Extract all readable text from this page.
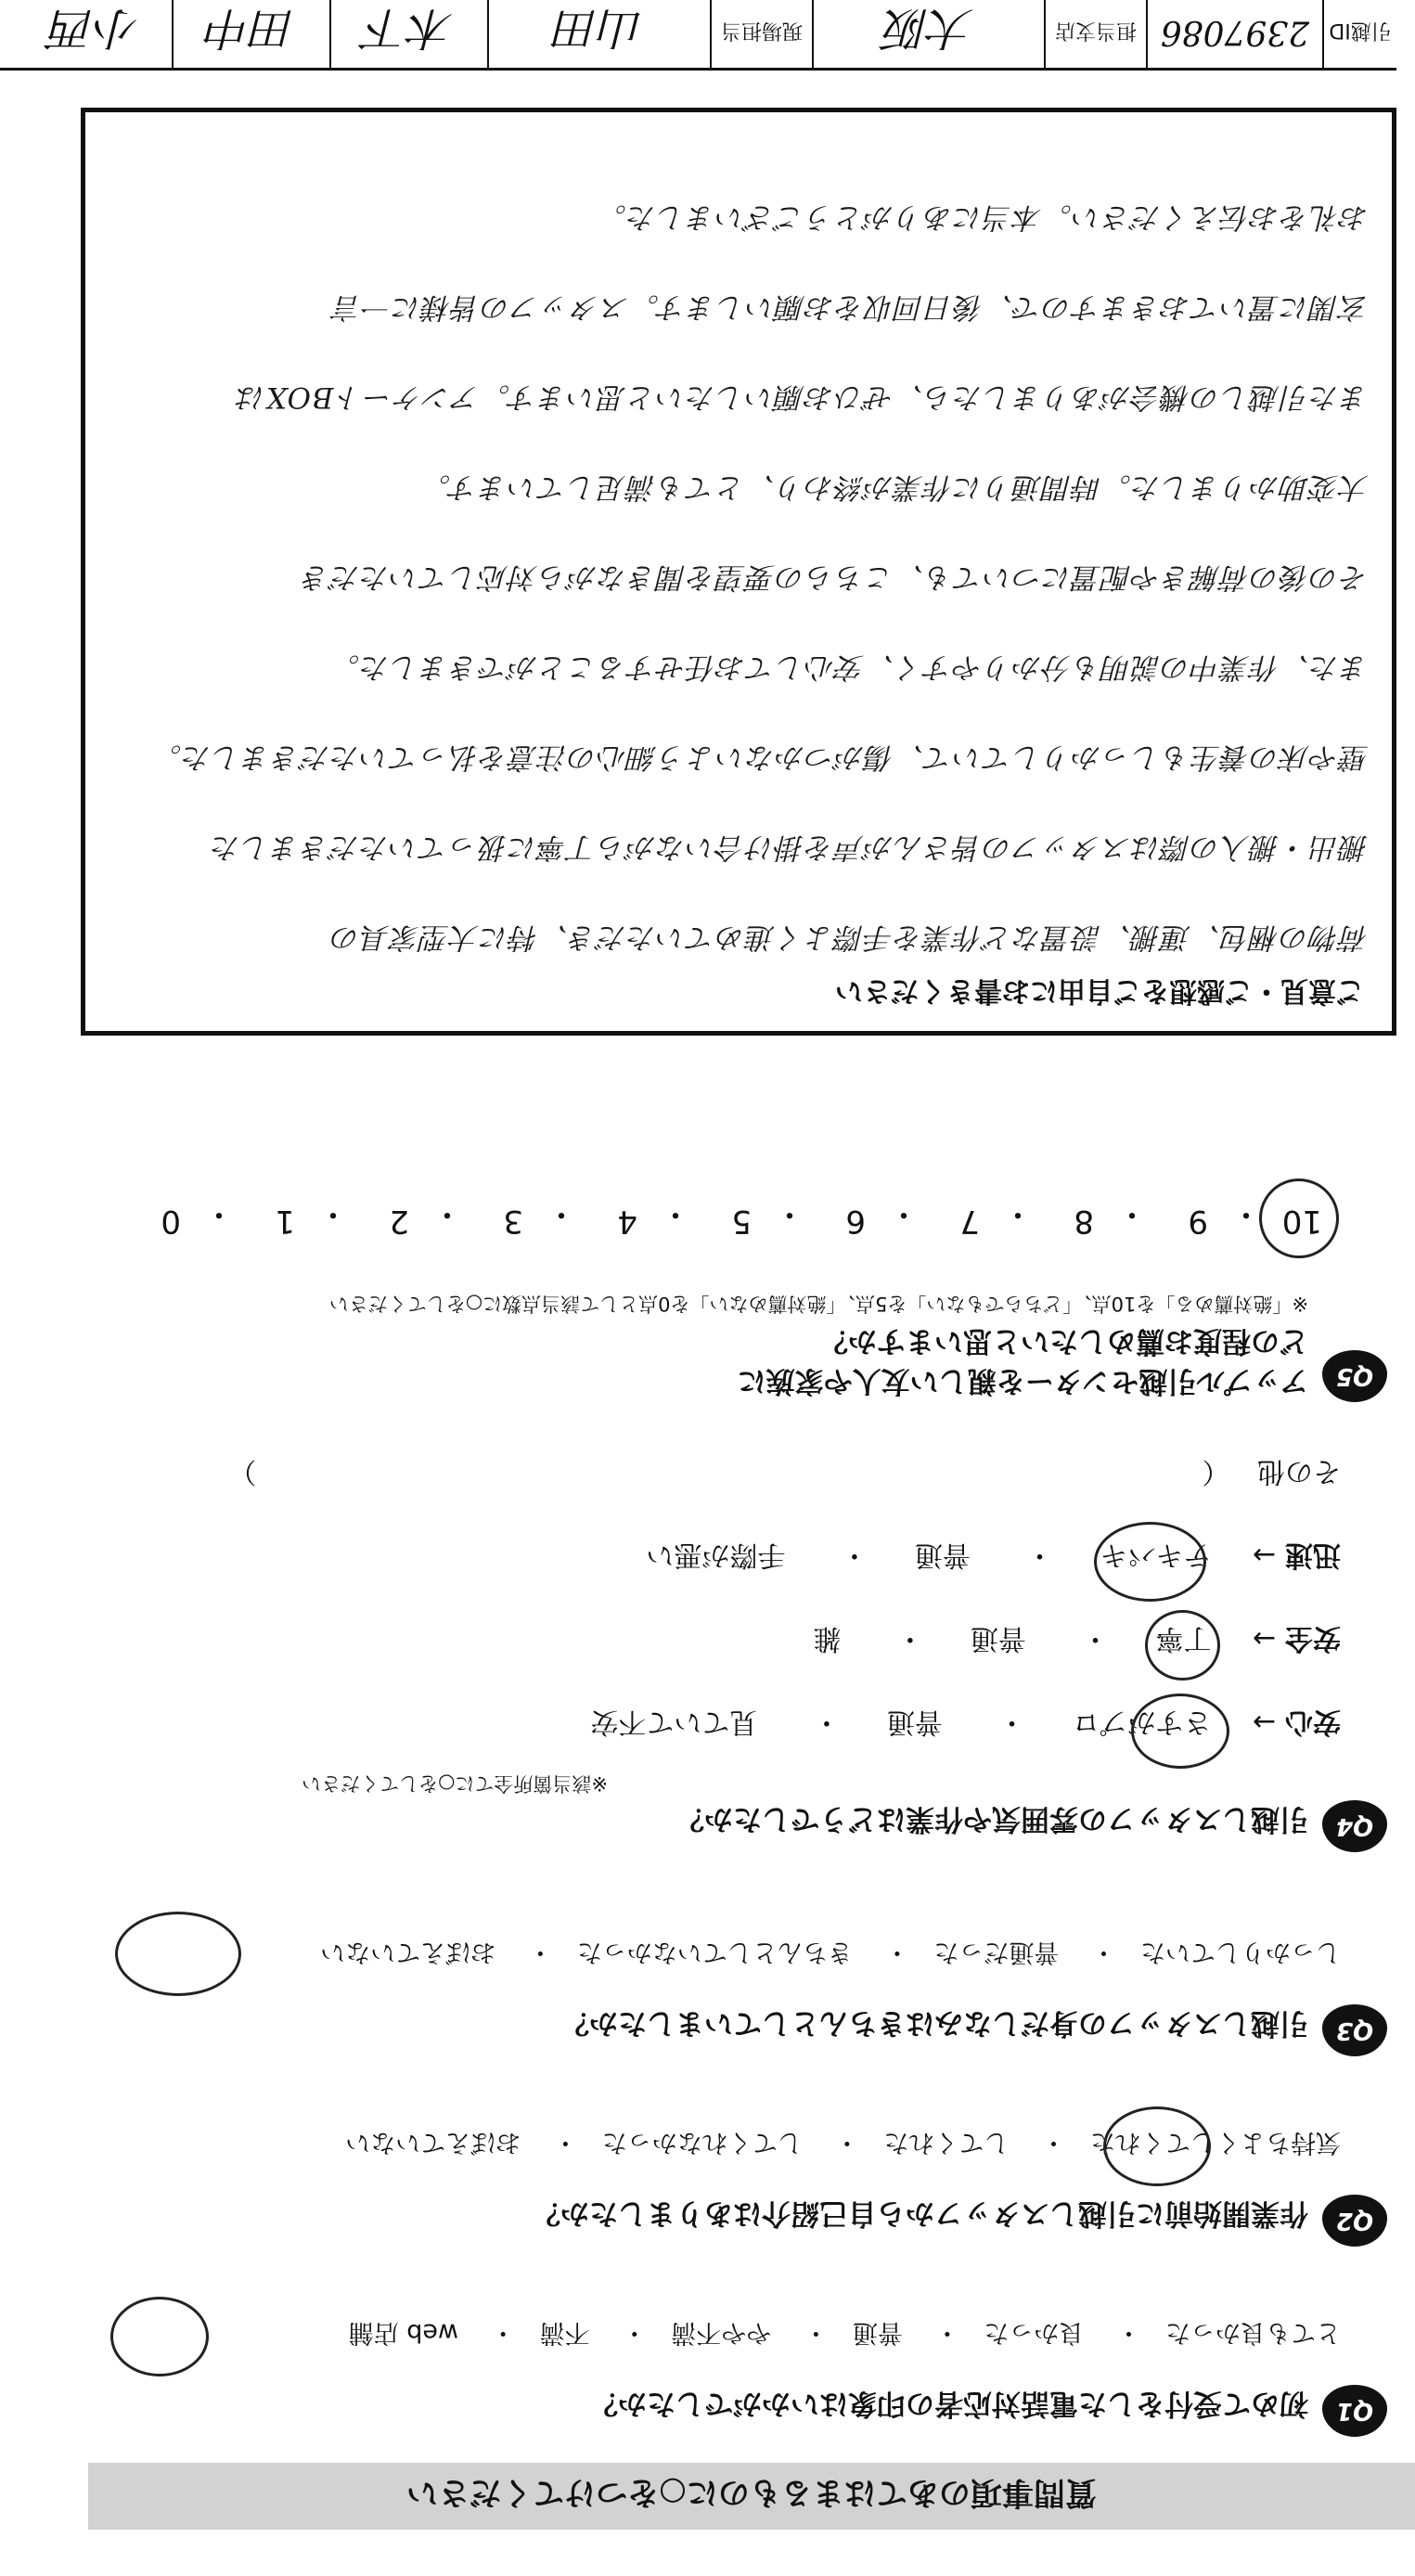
質問事項のあてはまるものに○をつけてください
Q1
初めて受付をした電話対応者の印象はいかがでしたか？
とても良かった・ 良かった・ 普通・ やや不満・ 不満・ web 店舗
Q2
作業開始前に引越しスタッフから自己紹介はありましたか？
気持ちよくしてくれた・ してくれた・ してくれなかった・ おぼえていない
Q3
引越しスタッフの身だしなみはきちんとしていましたか？
しっかりしていた・ 普通だった・ きちんとしていなかった・ おぼえていない
Q4
引越しスタッフの雰囲気や作業はどうでしたか？
※該当箇所全てに○をしてください
安心→ さすがプロ・ 普通・ 見ていて不安
安全→ 丁寧・ 普通・ 雑
迅速→ テキパキ・ 普通・ 手際が悪い
その他 （  ）
Q5
アップル引越センターを親しい友人や家族に
どの程度お薦めしたいと思いますか？
※「絶対薦める」を10点、「どちらでもない」を5点、「絶対薦めない」を0点として該当点数に○をしてください
10
9
8
7
6
5
4
3
2
1
0	・
・
・
・
・
・
・
・
・
・
ご意見・ご感想をご自由にお書きください
荷物の梱包、運搬、設置など作業を手際よく進めていただき、特に大型家具の
搬出・搬入の際はスタッフの皆さんが声を掛け合いながら丁寧に扱っていただきました
壁や床の養生もしっかりしていて、傷がつかないよう細心の注意を払っていただきました。
また、作業中の説明も分かりやすく、安心してお任せすることができました。
その後の荷解きや配置についても、こちらの要望を聞きながら対応していただき
大変助かりました。時間通りに作業が終わり、とても満足しています。
また引越しの機会がありましたら、ぜひお願いしたいと思います。アンケートBOXは
玄関に置いておきますので、後日回収をお願いします。スタッフの皆様に一言
お礼をお伝えください。本当にありがとうございました。
引越ID
2397086
担当支店
大阪
現場担当
山田
木下
田中
小西
